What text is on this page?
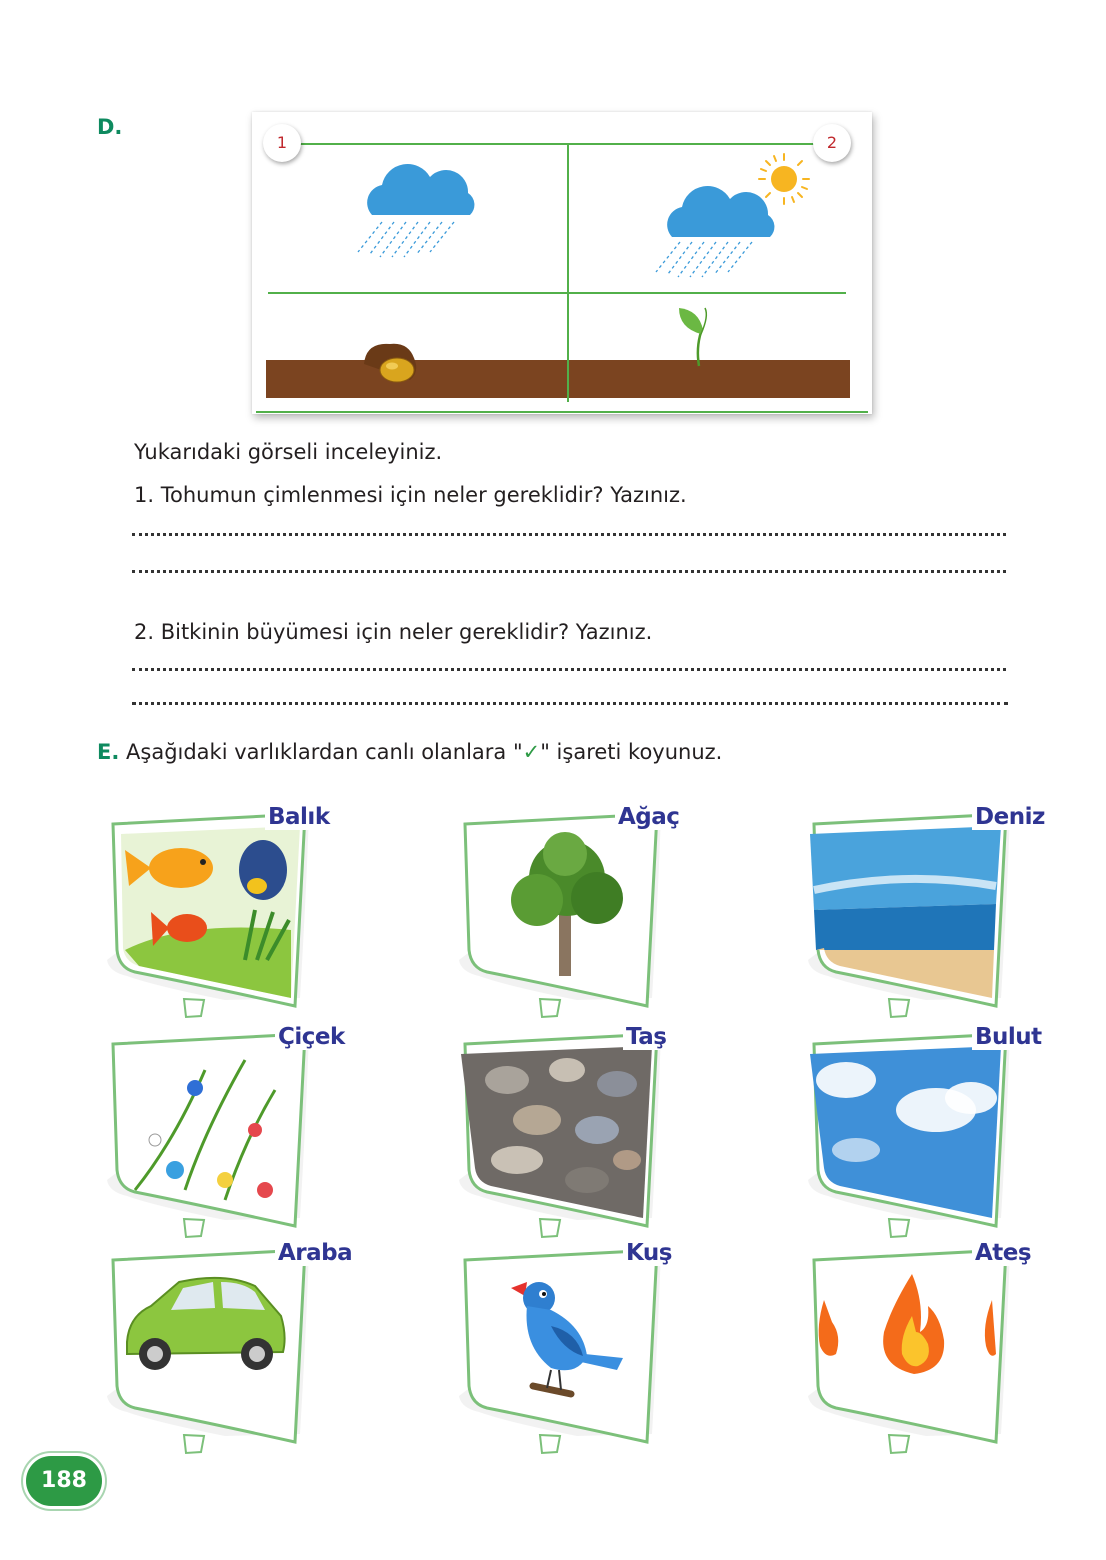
D.
1	2
Yukarıdaki görseli inceleyiniz.
1. Tohumun çimlenmesi için neler gereklidir? Yazınız.
2. Bitkinin büyümesi için neler gereklidir? Yazınız.
E. Aşağıdaki varlıklardan canlı olanlara "✓" işareti koyunuz.
Balık	Ağaç	Deniz
Çiçek	Taş	Bulut
Araba	Kuş	Ateş
188
